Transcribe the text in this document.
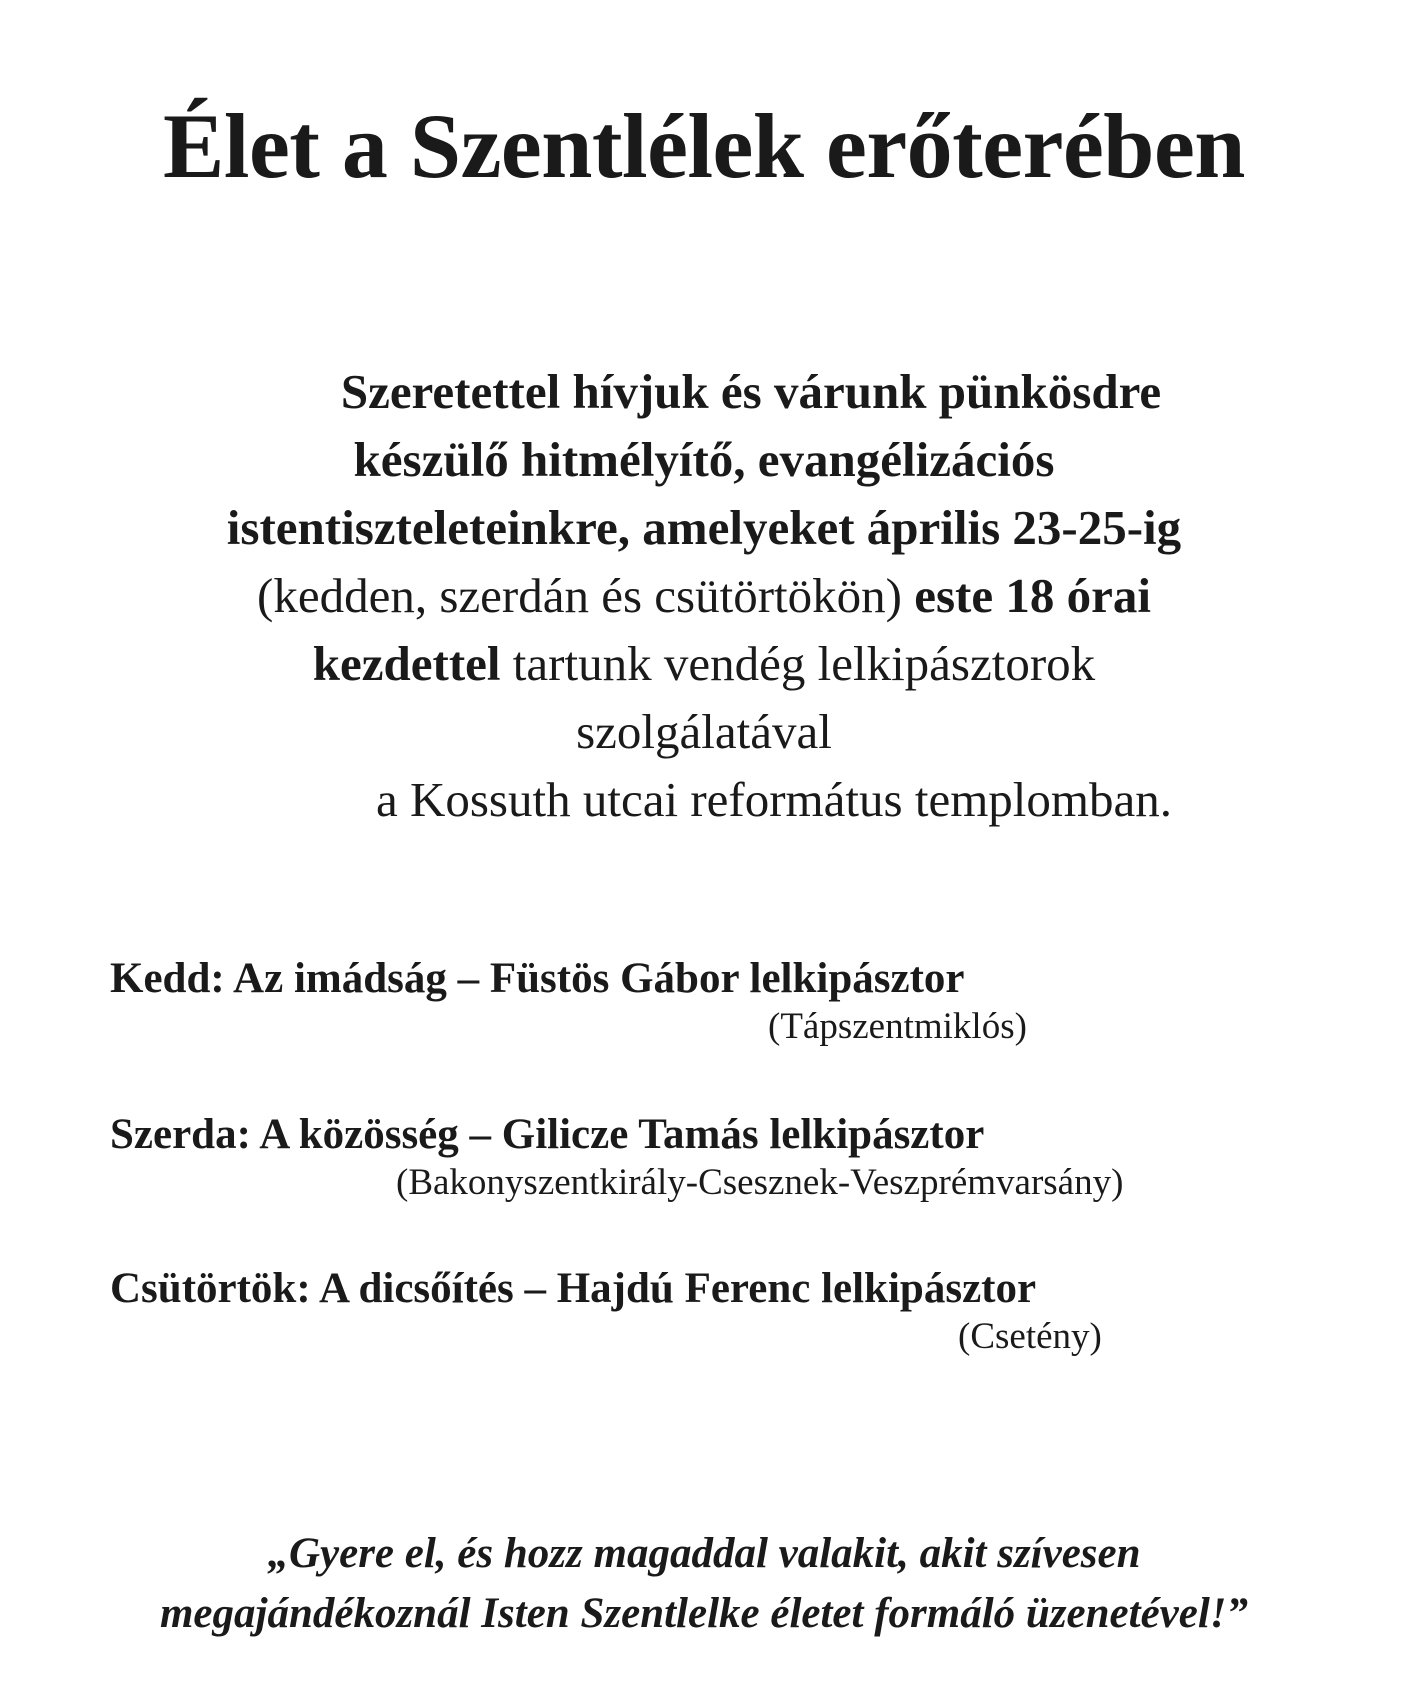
Élet a Szentlélek erőterében
Szeretettel hívjuk és várunk pünkösdre
készülő hitmélyítő, evangélizációs
istentiszteleteinkre, amelyeket április 23-25-ig
(kedden, szerdán és csütörtökön) este 18 órai
kezdettel tartunk vendég lelkipásztorok
szolgálatával
a Kossuth utcai református templomban.
Kedd: Az imádság – Füstös Gábor lelkipásztor
(Tápszentmiklós)
Szerda: A közösség – Gilicze Tamás lelkipásztor
(Bakonyszentkirály-Csesznek-Veszprémvarsány)
Csütörtök: A dicsőítés – Hajdú Ferenc lelkipásztor
(Csetény)
„Gyere el, és hozz magaddal valakit, akit szívesen
megajándékoznál Isten Szentlelke életet formáló üzenetével!”
